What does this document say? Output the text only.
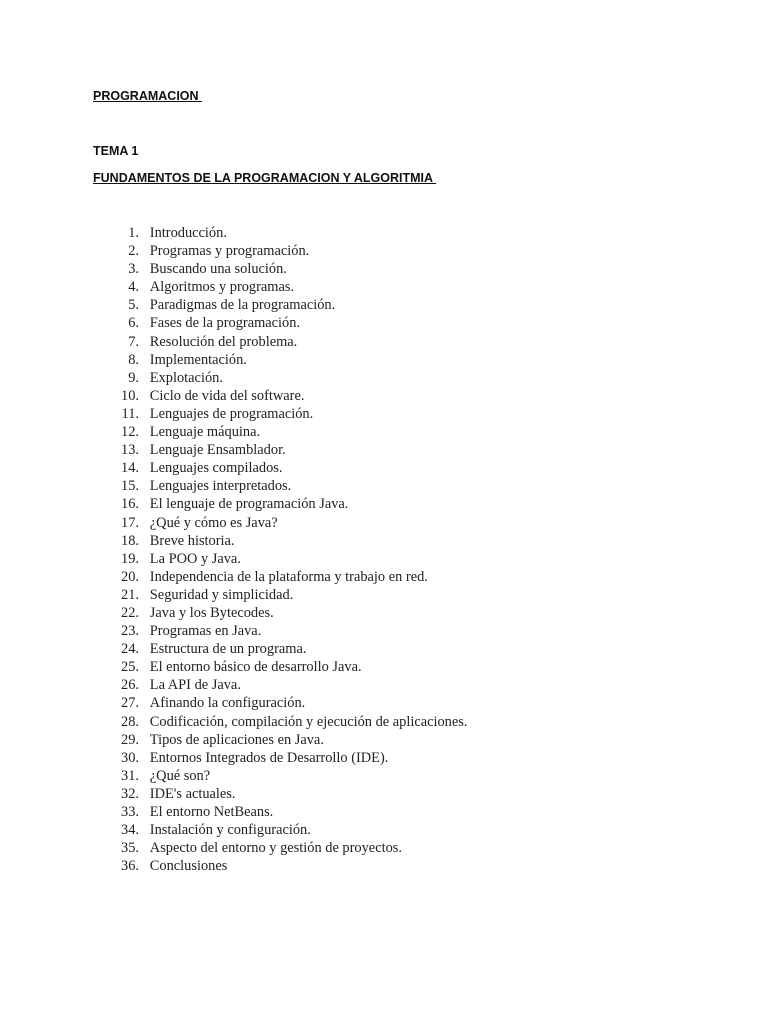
PROGRAMACION

TEMA 1

FUNDAMENTOS DE LA PROGRAMACION Y ALGORITMIA

1.
Introducción.
2.
Programas y programación.
3.
Buscando una solución.
4.
Algoritmos y programas.
5.
Paradigmas de la programación.
6.
Fases de la programación.
7.
Resolución del problema.
8.
Implementación.
9.
Explotación.
10.
Ciclo de vida del software.
11.
Lenguajes de programación.
12.
Lenguaje máquina.
13.
Lenguaje Ensamblador.
14.
Lenguajes compilados.
15.
Lenguajes interpretados.
16.
El lenguaje de programación Java.
17.
¿Qué y cómo es Java?
18.
Breve historia.
19.
La POO y Java.
20.
Independencia de la plataforma y trabajo en red.
21.
Seguridad y simplicidad.
22.
Java y los Bytecodes.
23.
Programas en Java.
24.
Estructura de un programa.
25.
El entorno básico de desarrollo Java.
26.
La API de Java.
27.
Afinando la configuración.
28.
Codificación, compilación y ejecución de aplicaciones.
29.
Tipos de aplicaciones en Java.
30.
Entornos Integrados de Desarrollo (IDE).
31.
¿Qué son?
32.
IDE's actuales.
33.
El entorno NetBeans.
34.
Instalación y configuración.
35.
Aspecto del entorno y gestión de proyectos.
36.
Conclusiones
